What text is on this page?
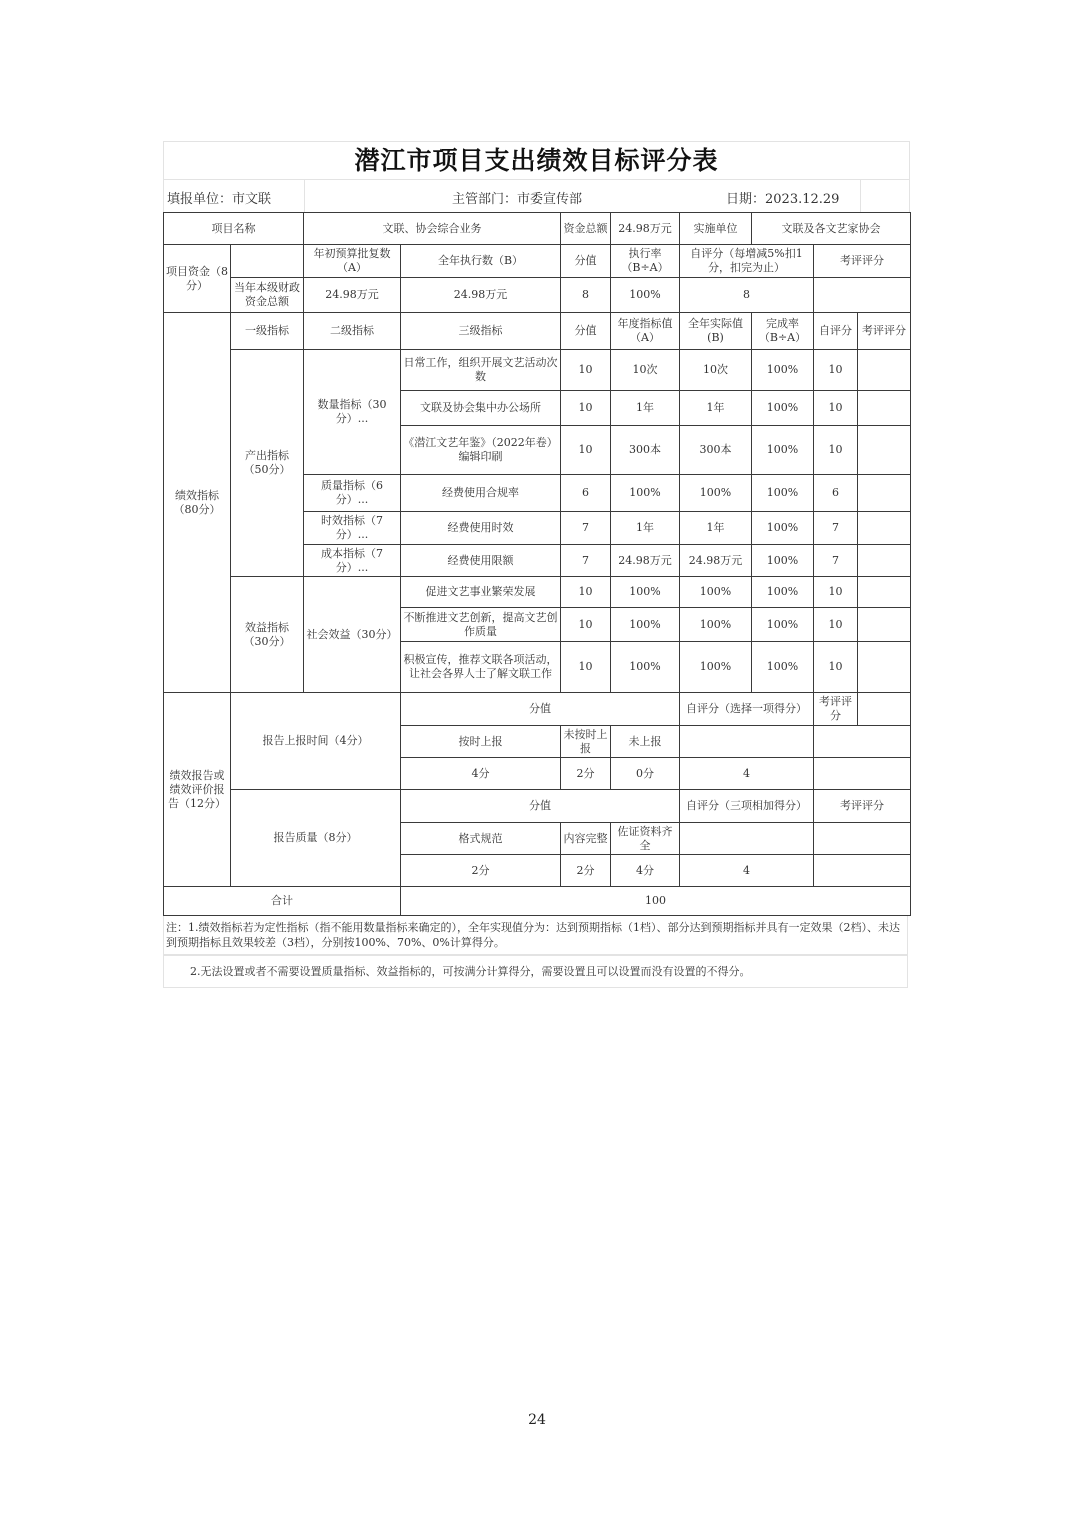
潜江市项目支出绩效目标评分表
填报单位：市文联	主管部门：市委宣传部	日期：2023.12.29
项目名称		文联、协会综合业务		资金总额	24.98万元	实施单位	文联及各文艺家协会		
项目资金（8分）		年初预算批复数（A）	全年执行数（B）	分值	执行率（B÷A）	自评分（每增减5%扣1分，扣完为止）		考评评分	
	当年本级财政资金总额	24.98万元	24.98万元	8	100%	8			
绩效指标（80分）	一级指标	二级指标	三级指标	分值	年度指标值（A）	全年实际值(B)	完成率（B÷A）	自评分	考评评分
	产出指标（50分）	数量指标（30分）...	日常工作，组织开展文艺活动次数	10	10次	10次	100%	10	
			文联及协会集中办公场所	10	1年	1年	100%	10	
			《潜江文艺年鉴》（2022年卷）编辑印刷	10	300本	300本	100%	10	
		质量指标（6分）...	经费使用合规率	6	100%	100%	100%	6	
		时效指标（7分）...	经费使用时效	7	1年	1年	100%	7	
		成本指标（7分）...	经费使用限额	7	24.98万元	24.98万元	100%	7	
	效益指标（30分）	社会效益（30分）	促进文艺事业繁荣发展	10	100%	100%	100%	10	
			不断推进文艺创新，提高文艺创作质量	10	100%	100%	100%	10	
			积极宣传，推荐文联各项活动，让社会各界人士了解文联工作	10	100%	100%	100%	10	
绩效报告或绩效评价报告（12分）	报告上报时间（4分）		分值			自评分（选择一项得分）		考评评分	
			按时上报	未按时上报	未上报				
			4分	2分	0分	4			
	报告质量（8分）		分值			自评分（三项相加得分）		考评评分	
			格式规范	内容完整	佐证资料齐全				
			2分	2分	4分	4			
合计			100						
注：1.绩效指标若为定性指标（指不能用数量指标来确定的），全年实现值分为：达到预期指标（1档）、部分达到预期指标并具有一定效果（2档）、未达到预期指标且效果较差（3档），分别按100%、70%、0%计算得分。
2.无法设置或者不需要设置质量指标、效益指标的，可按满分计算得分，需要设置且可以设置而没有设置的不得分。
24
